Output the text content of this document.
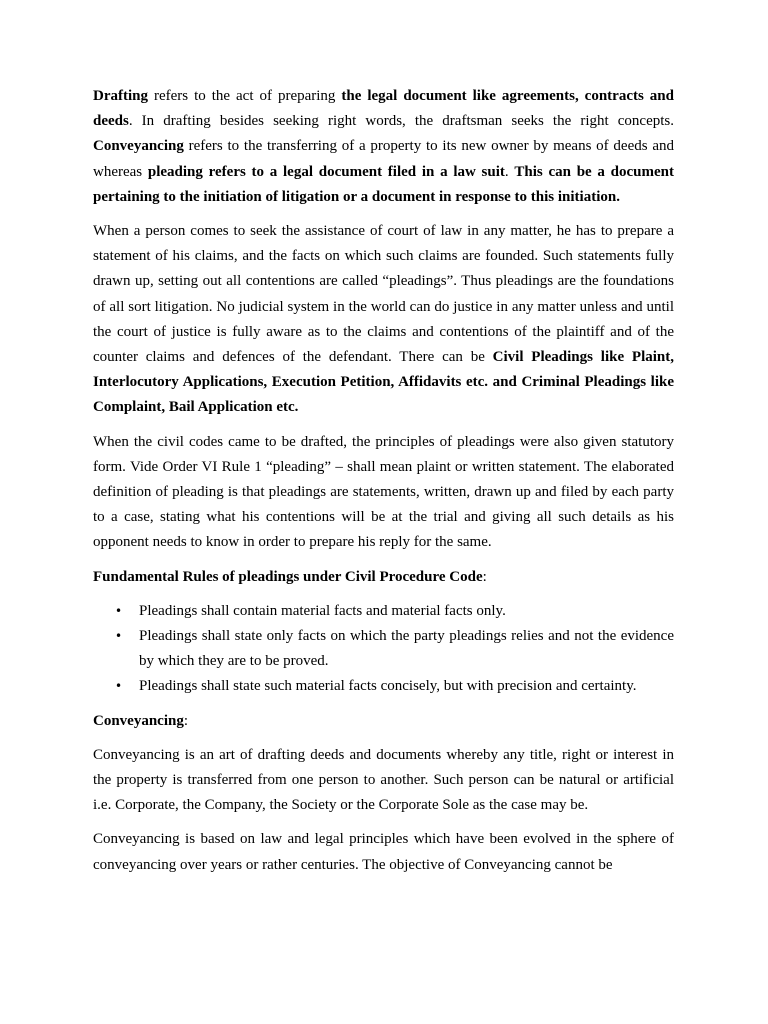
Drafting refers to the act of preparing the legal document like agreements, contracts and deeds. In drafting besides seeking right words, the draftsman seeks the right concepts. Conveyancing refers to the transferring of a property to its new owner by means of deeds and whereas pleading refers to a legal document filed in a law suit. This can be a document pertaining to the initiation of litigation or a document in response to this initiation.

When a person comes to seek the assistance of court of law in any matter, he has to prepare a statement of his claims, and the facts on which such claims are founded. Such statements fully drawn up, setting out all contentions are called “pleadings”. Thus pleadings are the foundations of all sort litigation. No judicial system in the world can do justice in any matter unless and until the court of justice is fully aware as to the claims and contentions of the plaintiff and of the counter claims and defences of the defendant. There can be Civil Pleadings like Plaint, Interlocutory Applications, Execution Petition, Affidavits etc. and Criminal Pleadings like Complaint, Bail Application etc.

When the civil codes came to be drafted, the principles of pleadings were also given statutory form. Vide Order VI Rule 1 “pleading” – shall mean plaint or written statement. The elaborated definition of pleading is that pleadings are statements, written, drawn up and filed by each party to a case, stating what his contentions will be at the trial and giving all such details as his opponent needs to know in order to prepare his reply for the same.

Fundamental Rules of pleadings under Civil Procedure Code:

• Pleadings shall contain material facts and material facts only.
• Pleadings shall state only facts on which the party pleadings relies and not the evidence by which they are to be proved.
• Pleadings shall state such material facts concisely, but with precision and certainty.

Conveyancing:

Conveyancing is an art of drafting deeds and documents whereby any title, right or interest in the property is transferred from one person to another. Such person can be natural or artificial i.e. Corporate, the Company, the Society or the Corporate Sole as the case may be.

Conveyancing is based on law and legal principles which have been evolved in the sphere of conveyancing over years or rather centuries. The objective of Conveyancing cannot be
